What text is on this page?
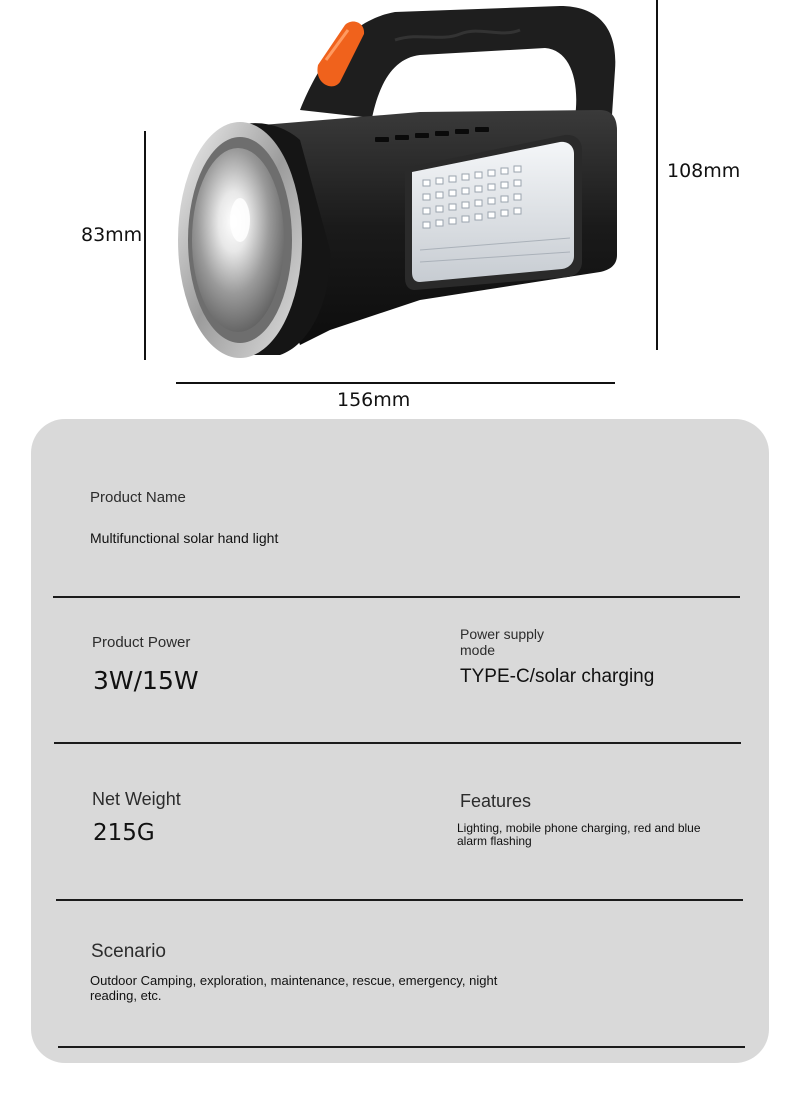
83mm
108mm
156mm
Product Name
Multifunctional solar hand light
Product Power
3W/15W
Power supply
mode
TYPE-C/solar charging
Net Weight
215G
Features
Lighting, mobile phone charging, red and blue
alarm flashing
Scenario
Outdoor Camping, exploration, maintenance, rescue, emergency, night
reading, etc.
